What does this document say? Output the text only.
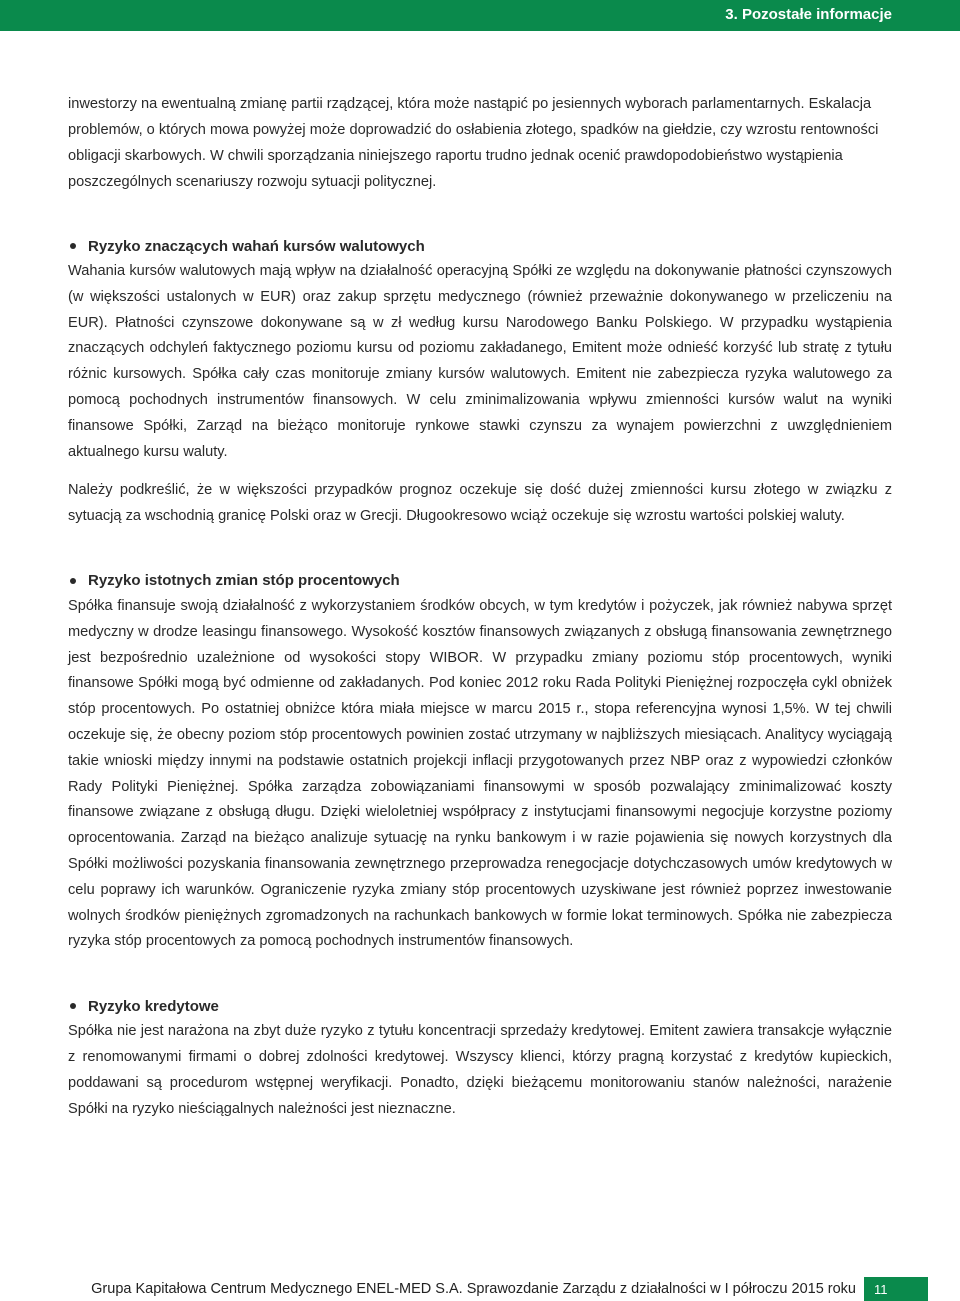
3. Pozostałe informacje

inwestorzy na ewentualną zmianę partii rządzącej, która może nastąpić po jesiennych wyborach parlamentarnych. Eskalacja problemów, o których mowa powyżej może doprowadzić do osłabienia złotego, spadków na giełdzie, czy wzrostu rentowności obligacji skarbowych. W chwili sporządzania niniejszego raportu trudno jednak ocenić prawdopodobieństwo wystąpienia poszczególnych scenariuszy rozwoju sytuacji politycznej.

Ryzyko znaczących wahań kursów walutowych

Wahania kursów walutowych mają wpływ na działalność operacyjną Spółki ze względu na dokonywanie płatności czynszowych (w większości ustalonych w EUR) oraz zakup sprzętu medycznego (również przeważnie dokonywanego w przeliczeniu na EUR). Płatności czynszowe dokonywane są w zł według kursu Narodowego Banku Polskiego. W przypadku wystąpienia znaczących odchyleń faktycznego poziomu kursu od poziomu zakładanego, Emitent może odnieść korzyść lub stratę z tytułu różnic kursowych. Spółka cały czas monitoruje zmiany kursów walutowych. Emitent nie zabezpiecza ryzyka walutowego za pomocą pochodnych instrumentów finansowych. W celu zminimalizowania wpływu zmienności kursów walut na wyniki finansowe Spółki, Zarząd na bieżąco monitoruje rynkowe stawki czynszu za wynajem powierzchni z uwzględnieniem aktualnego kursu waluty.

Należy podkreślić, że w większości przypadków prognoz oczekuje się dość dużej zmienności kursu złotego w związku z sytuacją za wschodnią granicę Polski oraz w Grecji. Długookresowo wciąż oczekuje się wzrostu wartości polskiej waluty.

Ryzyko istotnych zmian stóp procentowych

Spółka finansuje swoją działalność z wykorzystaniem środków obcych, w tym kredytów i pożyczek, jak również nabywa sprzęt medyczny w drodze leasingu finansowego. Wysokość kosztów finansowych związanych z obsługą finansowania zewnętrznego jest bezpośrednio uzależnione od wysokości stopy WIBOR. W przypadku zmiany poziomu stóp procentowych, wyniki finansowe Spółki mogą być odmienne od zakładanych. Pod koniec 2012 roku Rada Polityki Pieniężnej rozpoczęła cykl obniżek stóp procentowych. Po ostatniej obniżce która miała miejsce w marcu 2015 r., stopa referencyjna wynosi 1,5%. W tej chwili oczekuje się, że obecny poziom stóp procentowych powinien zostać utrzymany w najbliższych miesiącach. Analitycy wyciągają takie wnioski między innymi na podstawie ostatnich projekcji inflacji przygotowanych przez NBP oraz z wypowiedzi członków Rady Polityki Pieniężnej. Spółka zarządza zobowiązaniami finansowymi w sposób pozwalający zminimalizować koszty finansowe związane z obsługą długu. Dzięki wieloletniej współpracy z instytucjami finansowymi negocjuje korzystne poziomy oprocentowania. Zarząd na bieżąco analizuje sytuację na rynku bankowym i w razie pojawienia się nowych korzystnych dla Spółki możliwości pozyskania finansowania zewnętrznego przeprowadza renegocjacje dotychczasowych umów kredytowych w celu poprawy ich warunków. Ograniczenie ryzyka zmiany stóp procentowych uzyskiwane jest również poprzez inwestowanie wolnych środków pieniężnych zgromadzonych na rachunkach bankowych w formie lokat terminowych. Spółka nie zabezpiecza ryzyka stóp procentowych za pomocą pochodnych instrumentów finansowych.

Ryzyko kredytowe

Spółka nie jest narażona na zbyt duże ryzyko z tytułu koncentracji sprzedaży kredytowej. Emitent zawiera transakcje wyłącznie z renomowanymi firmami o dobrej zdolności kredytowej. Wszyscy klienci, którzy pragną korzystać z kredytów kupieckich, poddawani są procedurom wstępnej weryfikacji. Ponadto, dzięki bieżącemu monitorowaniu stanów należności, narażenie Spółki na ryzyko nieściągalnych należności jest nieznaczne.

Grupa Kapitałowa Centrum Medycznego ENEL-MED S.A. Sprawozdanie Zarządu z działalności w I półroczu 2015 roku	11
